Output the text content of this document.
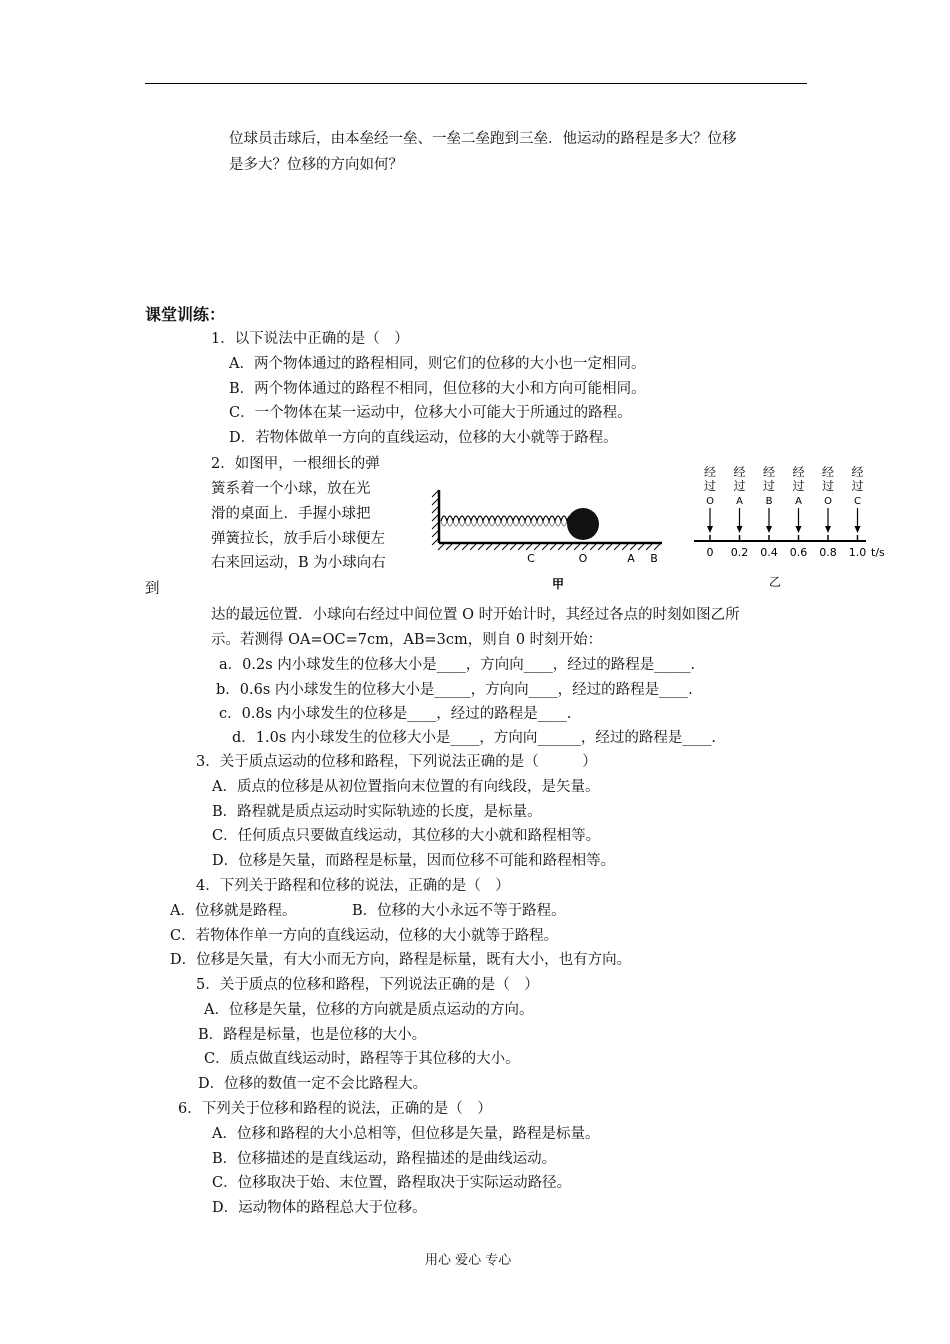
位球员击球后，由本垒经一垒、一垒二垒跑到三垒．他运动的路程是多大？位移
是多大？位移的方向如何？
课堂训练：
1．以下说法中正确的是（　）
A．两个物体通过的路程相同，则它们的位移的大小也一定相同。
B．两个物体通过的路程不相同，但位移的大小和方向可能相同。
C．一个物体在某一运动中，位移大小可能大于所通过的路程。
D．若物体做单一方向的直线运动，位移的大小就等于路程。
2．如图甲，一根细长的弹
簧系着一个小球，放在光
滑的桌面上．手握小球把
弹簧拉长，放手后小球便左
右来回运动，B 为小球向右
到
C	O	A B
甲
经
过
O
经
过
A
经
过
B
经
过
A
经
过
O
经
过
C
0 0.2 0.4 0.6 0.8 1.0 t/s
乙
达的最远位置．小球向右经过中间位置 O 时开始计时，其经过各点的时刻如图乙所
示。若测得 OA=OC=7cm，AB=3cm，则自 0 时刻开始：
a．0.2s 内小球发生的位移大小是____，方向向____，经过的路程是_____.
b．0.6s 内小球发生的位移大小是_____，方向向____，经过的路程是____.
c．0.8s 内小球发生的位移是____，经过的路程是____.
d．1.0s 内小球发生的位移大小是____，方向向______，经过的路程是____.
3．关于质点运动的位移和路程，下列说法正确的是（　　　）
A．质点的位移是从初位置指向末位置的有向线段，是矢量。
B．路程就是质点运动时实际轨迹的长度，是标量。
C．任何质点只要做直线运动，其位移的大小就和路程相等。
D．位移是矢量，而路程是标量，因而位移不可能和路程相等。
4．下列关于路程和位移的说法，正确的是（　）
A．位移就是路程。	B．位移的大小永远不等于路程。
C．若物体作单一方向的直线运动，位移的大小就等于路程。
D．位移是矢量，有大小而无方向，路程是标量，既有大小，也有方向。
5．关于质点的位移和路程，下列说法正确的是（　）
A．位移是矢量，位移的方向就是质点运动的方向。
B．路程是标量，也是位移的大小。
C．质点做直线运动时，路程等于其位移的大小。
D．位移的数值一定不会比路程大。
6．下列关于位移和路程的说法，正确的是（　）
A．位移和路程的大小总相等，但位移是矢量，路程是标量。
B．位移描述的是直线运动，路程描述的是曲线运动。
C．位移取决于始、末位置，路程取决于实际运动路径。
D．运动物体的路程总大于位移。
用心 爱心 专心
